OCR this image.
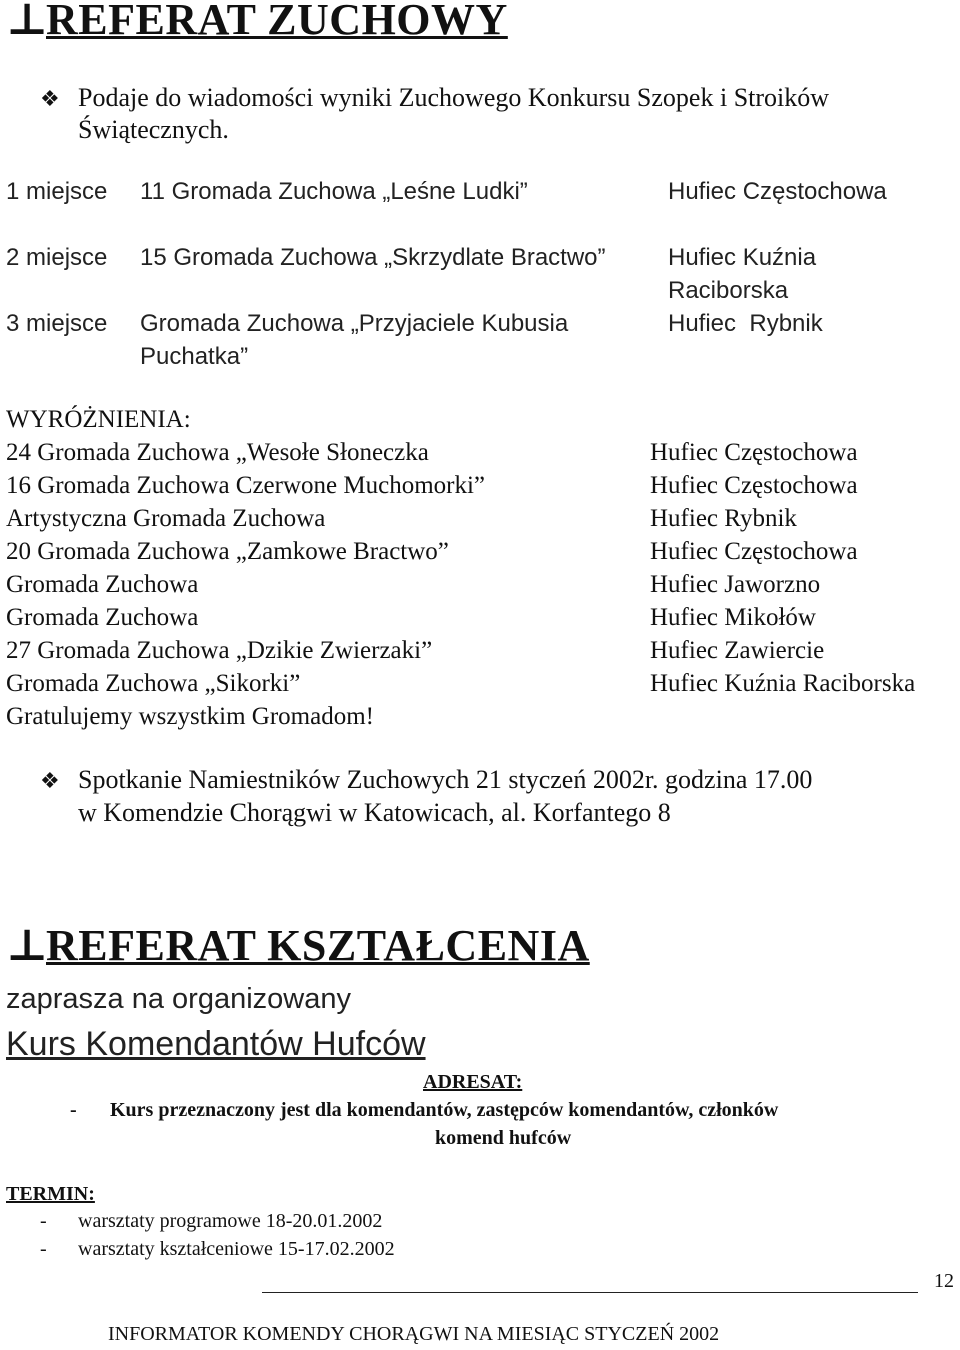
⊥REFERAT ZUCHOWY
❖ Podaje do wiadomości wyniki Zuchowego Konkursu Szopek i Stroików
Świątecznych.
1 miejsce 11 Gromada Zuchowa „Leśne Ludki”	Hufiec Częstochowa
2 miejsce 15 Gromada Zuchowa „Skrzydlate Bractwo”	Hufiec Kuźnia
Raciborska
3 miejsce Gromada Zuchowa „Przyjaciele Kubusia	Hufiec  Rybnik
Puchatka”
WYRÓŻNIENIA:
24 Gromada Zuchowa „Wesołe Słoneczka	Hufiec Częstochowa
16 Gromada Zuchowa Czerwone Muchomorki”	Hufiec Częstochowa
Artystyczna Gromada Zuchowa	Hufiec Rybnik
20 Gromada Zuchowa „Zamkowe Bractwo”	Hufiec Częstochowa
Gromada Zuchowa	Hufiec Jaworzno
Gromada Zuchowa	Hufiec Mikołów
27 Gromada Zuchowa „Dzikie Zwierzaki”	Hufiec Zawiercie
Gromada Zuchowa „Sikorki”	Hufiec Kuźnia Raciborska
Gratulujemy wszystkim Gromadom!
❖ Spotkanie Namiestników Zuchowych 21 styczeń 2002r. godzina 17.00
w Komendzie Chorągwi w Katowicach, al. Korfantego 8
⊥REFERAT KSZTAŁCENIA
zaprasza na organizowany
Kurs Komendantów Hufców
ADRESAT:
- Kurs przeznaczony jest dla komendantów, zastępców komendantów, członków
komend hufców
TERMIN:
- warsztaty programowe 18-20.01.2002
- warsztaty kształceniowe 15-17.02.2002
12
INFORMATOR KOMENDY CHORĄGWI NA MIESIĄC STYCZEŃ 2002
